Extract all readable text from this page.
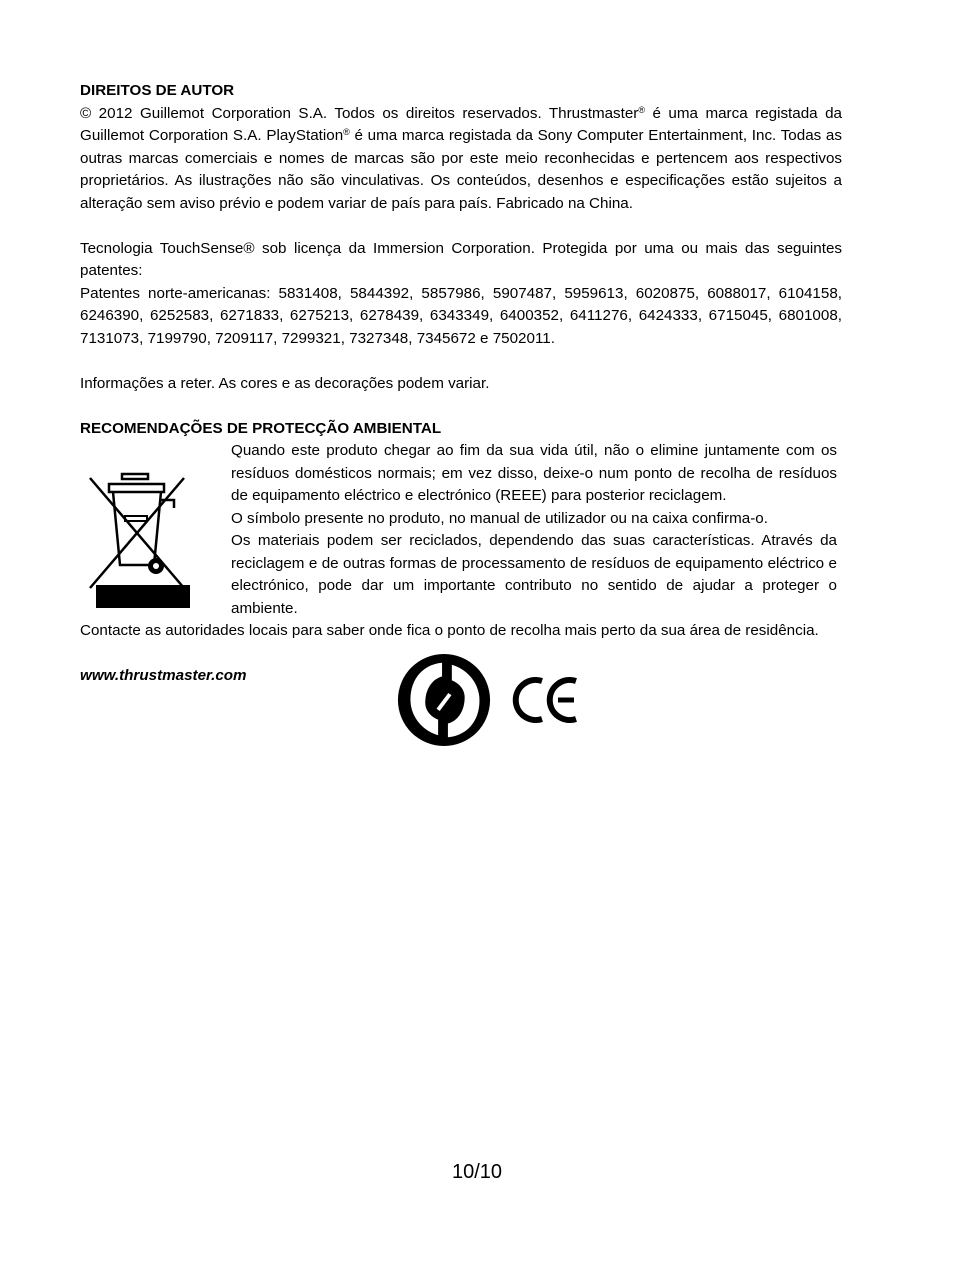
DIREITOS DE AUTOR

© 2012 Guillemot Corporation S.A. Todos os direitos reservados. Thrustmaster® é uma marca registada da Guillemot Corporation S.A. PlayStation® é uma marca registada da Sony Computer Entertainment, Inc. Todas as outras marcas comerciais e nomes de marcas são por este meio reconhecidas e pertencem aos respectivos proprietários. As ilustrações não são vinculativas. Os conteúdos, desenhos e especificações estão sujeitos a alteração sem aviso prévio e podem variar de país para país. Fabricado na China.

Tecnologia TouchSense® sob licença da Immersion Corporation. Protegida por uma ou mais das seguintes patentes:

Patentes norte-americanas: 5831408, 5844392, 5857986, 5907487, 5959613, 6020875, 6088017, 6104158, 6246390, 6252583, 6271833, 6275213, 6278439, 6343349, 6400352, 6411276, 6424333, 6715045, 6801008, 7131073, 7199790, 7209117, 7299321, 7327348, 7345672 e 7502011.

Informações a reter. As cores e as decorações podem variar.

RECOMENDAÇÕES DE PROTECÇÃO AMBIENTAL

Quando este produto chegar ao fim da sua vida útil, não o elimine juntamente com os resíduos domésticos normais; em vez disso, deixe-o num ponto de recolha de resíduos de equipamento eléctrico e electrónico (REEE) para posterior reciclagem.

O símbolo presente no produto, no manual de utilizador ou na caixa confirma-o.

Os materiais podem ser reciclados, dependendo das suas características. Através da reciclagem e de outras formas de processamento de resíduos de equipamento eléctrico e electrónico, pode dar um importante contributo no sentido de ajudar a proteger o ambiente.

Contacte as autoridades locais para saber onde fica o ponto de recolha mais perto da sua área de residência.

www.thrustmaster.com
10/10
